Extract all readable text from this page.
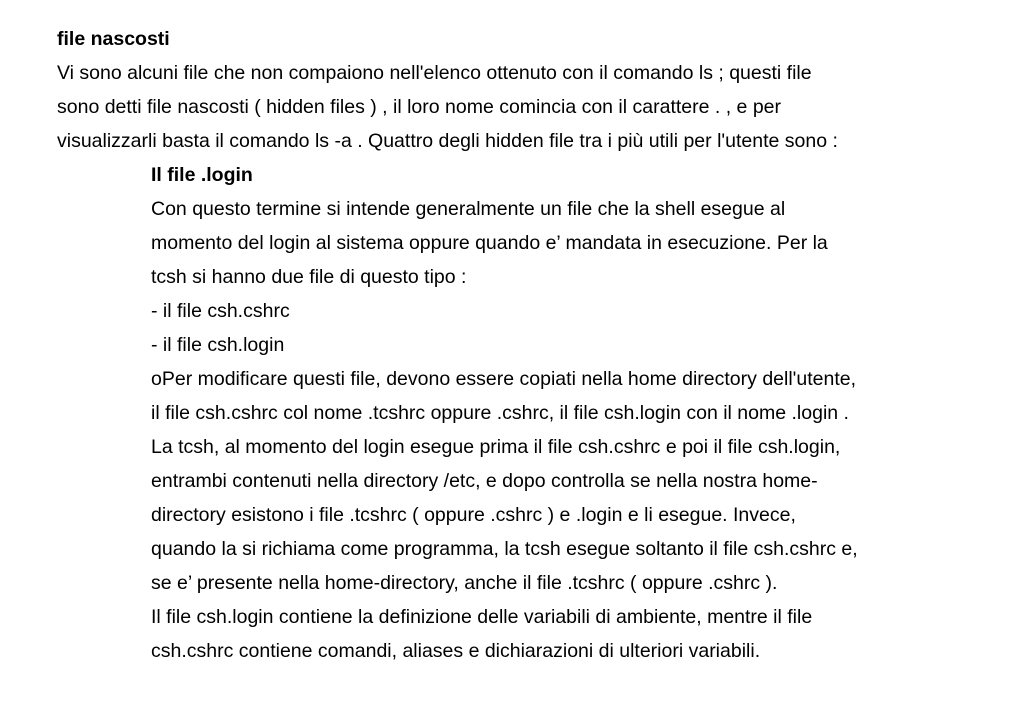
file nascosti
Vi sono alcuni file che non compaiono nell'elenco ottenuto con il comando ls ; questi file
sono detti file nascosti ( hidden files ) , il loro nome comincia con il carattere . , e per
visualizzarli basta il comando ls -a . Quattro degli hidden file tra i più utili per l'utente sono :
Il file .login
Con questo termine si intende generalmente un file che la shell esegue al
momento del login al sistema oppure quando e’ mandata in esecuzione. Per la
tcsh si hanno due file di questo tipo :
- il file csh.cshrc
- il file csh.login
oPer modificare questi file, devono essere copiati nella home directory dell'utente,
il file csh.cshrc col nome .tcshrc oppure .cshrc, il file csh.login con il nome .login .
La tcsh, al momento del login esegue prima il file csh.cshrc e poi il file csh.login,
entrambi contenuti nella directory /etc, e dopo controlla se nella nostra home-
directory esistono i file .tcshrc ( oppure .cshrc ) e .login e li esegue. Invece,
quando la si richiama come programma, la tcsh esegue soltanto il file csh.cshrc e,
se e’ presente nella home-directory, anche il file .tcshrc ( oppure .cshrc ).
Il file csh.login contiene la definizione delle variabili di ambiente, mentre il file
csh.cshrc contiene comandi, aliases e dichiarazioni di ulteriori variabili.
